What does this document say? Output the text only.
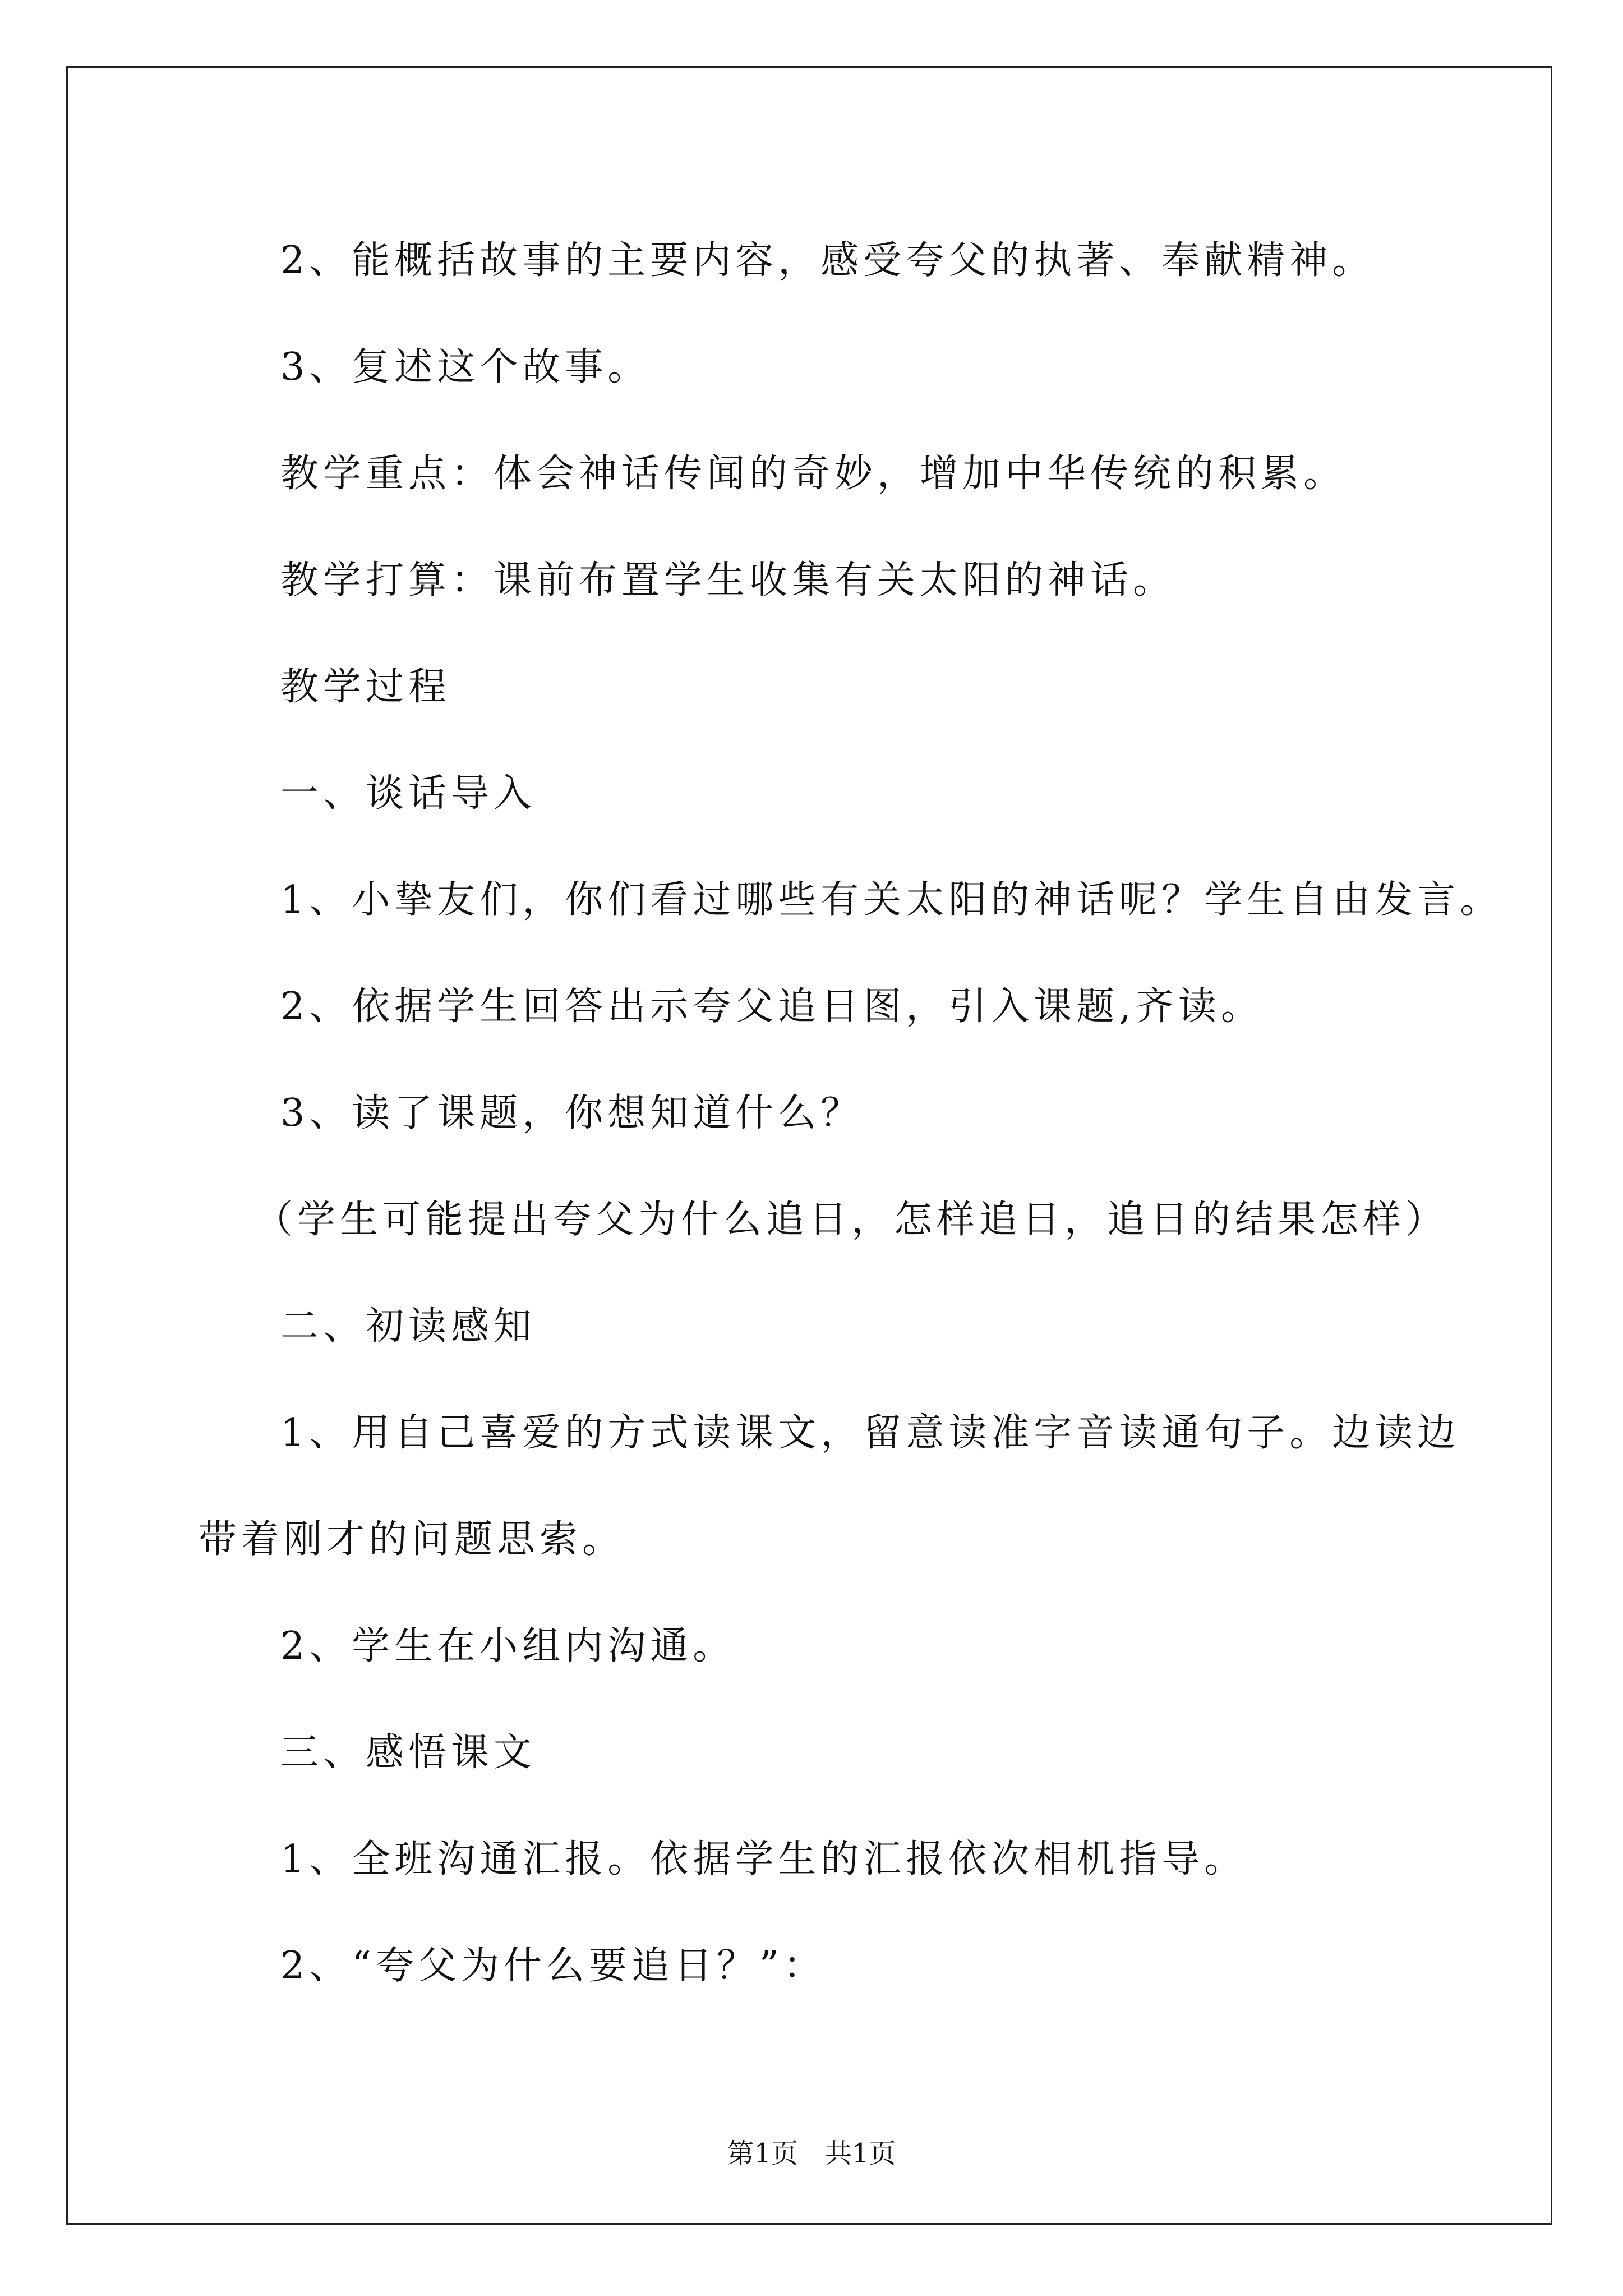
2、能概括故事的主要内容，感受夸父的执著、奉献精神。

3、复述这个故事。

教学重点：体会神话传闻的奇妙，增加中华传统的积累。

教学打算：课前布置学生收集有关太阳的神话。

教学过程

一、谈话导入

1、小挚友们，你们看过哪些有关太阳的神话呢？学生自由发言。

2、依据学生回答出示夸父追日图，引入课题,齐读。

3、读了课题，你想知道什么？

（学生可能提出夸父为什么追日，怎样追日，追日的结果怎样）

二、初读感知

1、用自己喜爱的方式读课文，留意读准字音读通句子。边读边带着刚才的问题思索。

2、学生在小组内沟通。

三、感悟课文

1、全班沟通汇报。依据学生的汇报依次相机指导。

2、“夸父为什么要追日？”：

第1页 共1页
